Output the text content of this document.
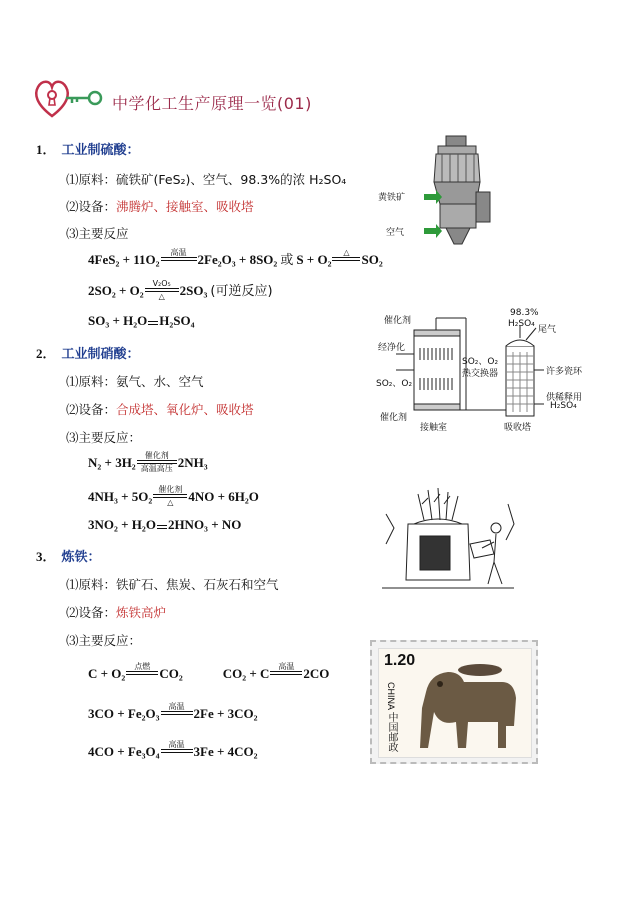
中学化工生产原理一览(01)
1． 工业制硫酸：
⑴原料：硫铁矿(FeS₂)、空气、98.3%的浓 H₂SO₄
⑵设备：沸腾炉、接触室、吸收塔
⑶主要反应
4FeS₂ + 11O₂ 高温
2Fe₂O₃ + 8SO₂ 或 S + O₂ △
SO₂
2SO₂ + O₂ V₂O₅
△ 2SO₃ (可逆反应)
SO₃ + H₂O H₂SO₄
2． 工业制硝酸：
⑴原料：氨气、水、空气
⑵设备：合成塔、氧化炉、吸收塔
⑶主要反应：
N₂ + 3H₂ 催化剂
高温高压 2NH₃
4NH₃ + 5O₂ 催化剂
△ 4NO + 6H₂O
3NO₂ + H₂O 2HNO₃ + NO
3． 炼铁：
⑴原料：铁矿石、焦炭、石灰石和空气
⑵设备：炼铁高炉
⑶主要反应：
C + O₂ 点燃
CO₂	CO₂ + C 高温
2CO
3CO + Fe₂O₃ 高温
2Fe + 3CO₂
4CO + Fe₃O₄ 高温
3Fe + 4CO₂
黄铁矿
空气
催化剂
经净化
SO₂、O₂
SO₂、O₂
热交换器
催化剂
接触室
98.3%
H₂SO₄
尾气
许多瓷环
供稀释用
H₂SO₄
吸收塔
1.20
CHINA
中国邮政
